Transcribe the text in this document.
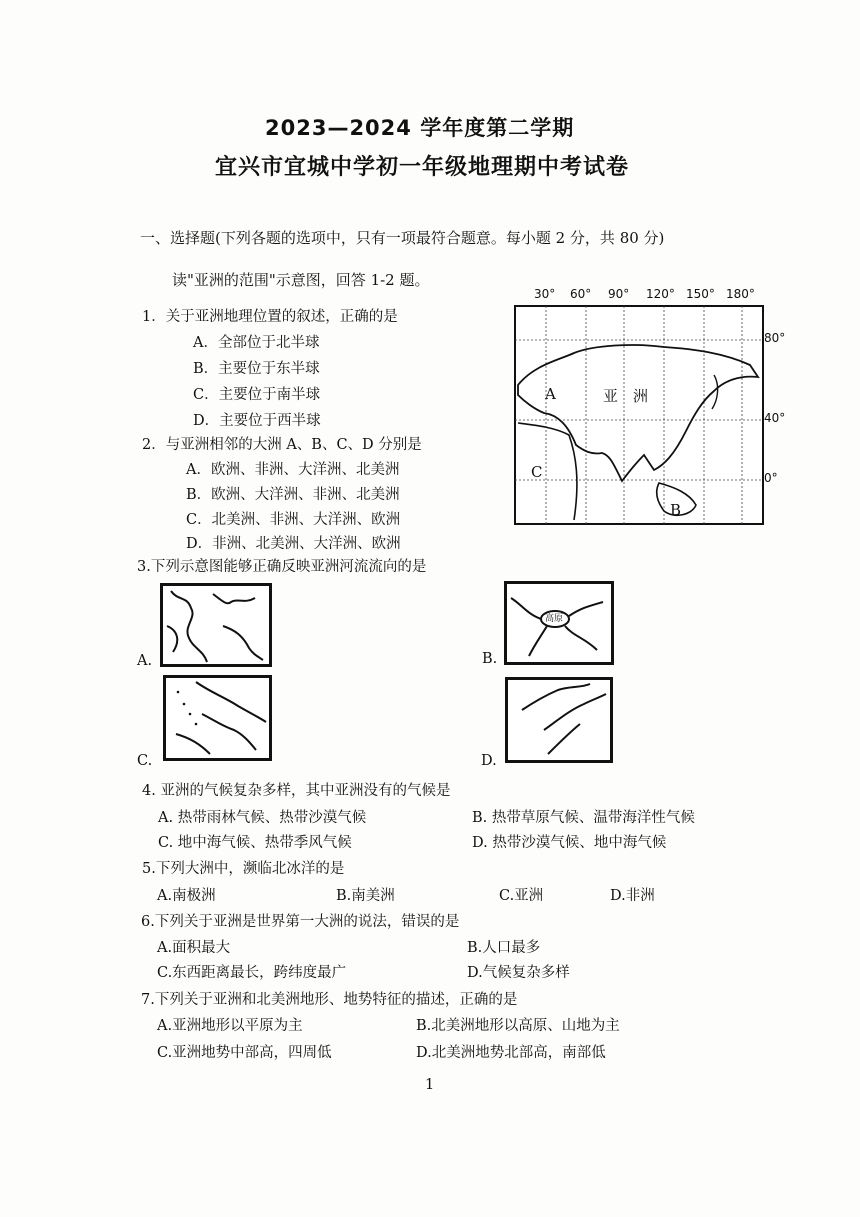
2023—2024 学年度第二学期
宜兴市宜城中学初一年级地理期中考试卷
一、选择题(下列各题的选项中，只有一项最符合题意。每小题 2 分，共 80 分)
读"亚洲的范围"示意图，回答 1-2 题。
30° 60° 90° 120° 150° 180°
80°
40°
0°
亚　洲
A
B
C
1．关于亚洲地理位置的叙述，正确的是
A．全部位于北半球
B．主要位于东半球
C．主要位于南半球
D．主要位于西半球
2．与亚洲相邻的大洲 A、B、C、D 分别是
A．欧洲、非洲、大洋洲、北美洲
B．欧洲、大洋洲、非洲、北美洲
C．北美洲、非洲、大洋洲、欧洲
D．非洲、北美洲、大洋洲、欧洲
3.下列示意图能够正确反映亚洲河流流向的是
A.	B.
高原
C.	D.
4. 亚洲的气候复杂多样，其中亚洲没有的气候是
A. 热带雨林气候、热带沙漠气候	B. 热带草原气候、温带海洋性气候
C. 地中海气候、热带季风气候	D. 热带沙漠气候、地中海气候
5.下列大洲中，濒临北冰洋的是
A.南极洲	B.南美洲	C.亚洲	D.非洲
6.下列关于亚洲是世界第一大洲的说法，错误的是
A.面积最大	B.人口最多
C.东西距离最长，跨纬度最广	D.气候复杂多样
7.下列关于亚洲和北美洲地形、地势特征的描述，正确的是
A.亚洲地形以平原为主	B.北美洲地形以高原、山地为主
C.亚洲地势中部高，四周低	D.北美洲地势北部高，南部低
1
